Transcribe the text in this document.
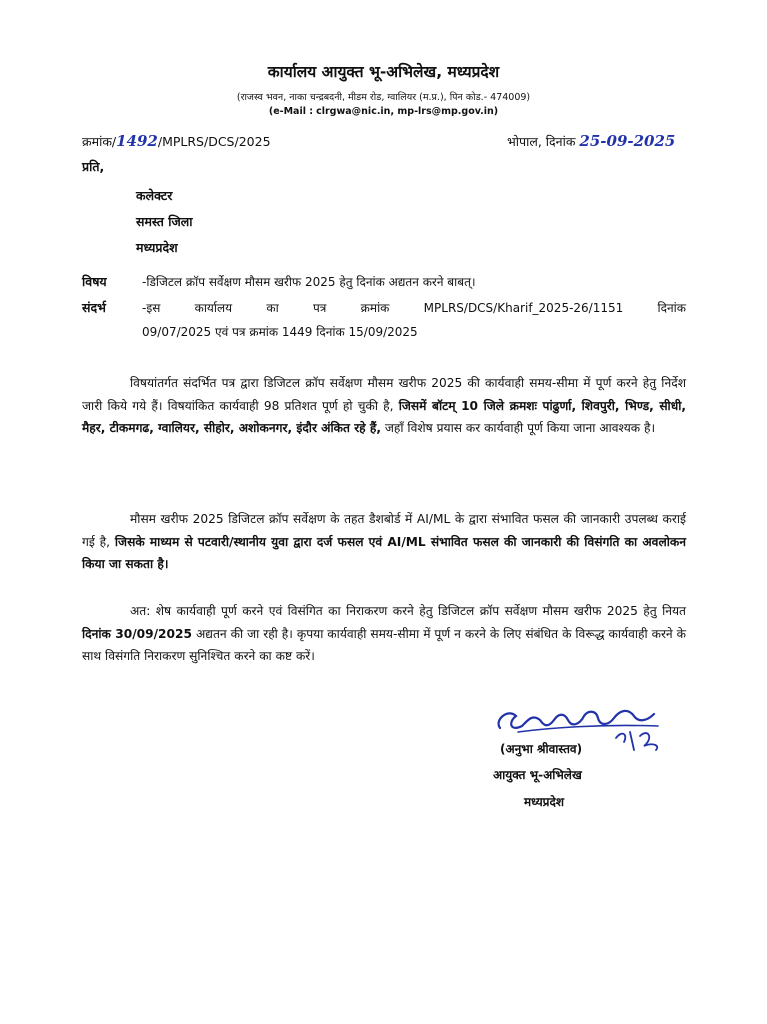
कार्यालय आयुक्त भू-अभिलेख, मध्यप्रदेश
(राजस्व भवन, नाका चन्द्रबदनी, मीडम रोड, ग्वालियर (म.प्र.), पिन कोड.- 474009)
(e-Mail : clrgwa@nic.in, mp-lrs@mp.gov.in)
क्रमांक/1492/MPLRS/DCS/2025	भोपाल, दिनांक 25-09-2025
प्रति,
कलेक्टर
समस्त जिला
मध्यप्रदेश
विषय	-डिजिटल क्रॉप सर्वेक्षण मौसम खरीफ 2025 हेतु दिनांक अद्यतन करने बाबत्।
संदर्भ	-इस कार्यालय का पत्र क्रमांक MPLRS/DCS/Kharif_2025-26/1151 दिनांक
09/07/2025 एवं पत्र क्रमांक 1449 दिनांक 15/09/2025
विषयांतर्गत संदर्भित पत्र द्वारा डिजिटल क्रॉप सर्वेक्षण मौसम खरीफ 2025 की कार्यवाही समय-सीमा में पूर्ण करने हेतु निर्देश जारी किये गये हैं। विषयांकित कार्यवाही 98 प्रतिशत पूर्ण हो चुकी है, जिसमें बॉटम् 10 जिले क्रमशः पांढुर्णा, शिवपुरी, भिण्ड, सीधी, मैहर, टीकमगढ, ग्वालियर, सीहोर, अशोकनगर, इंदौर अंकित रहे हैं, जहाँ विशेष प्रयास कर कार्यवाही पूर्ण किया जाना आवश्यक है।
मौसम खरीफ 2025 डिजिटल क्रॉप सर्वेक्षण के तहत डैशबोर्ड में AI/ML के द्वारा संभावित फसल की जानकारी उपलब्ध कराई गई है, जिसके माध्यम से पटवारी/स्थानीय युवा द्वारा दर्ज फसल एवं AI/ML संभावित फसल की जानकारी की विसंगति का अवलोकन किया जा सकता है।
अत: शेष कार्यवाही पूर्ण करने एवं विसंगित का निराकरण करने हेतु डिजिटल क्रॉप सर्वेक्षण मौसम खरीफ 2025 हेतु नियत दिनांक 30/09/2025 अद्यतन की जा रही है। कृपया कार्यवाही समय-सीमा में पूर्ण न करने के लिए संबंधित के विरूद्ध कार्यवाही करने के साथ विसंगति निराकरण सुनिश्चित करने का कष्ट करें।
(अनुभा श्रीवास्तव)
आयुक्त भू-अभिलेख
मध्यप्रदेश
